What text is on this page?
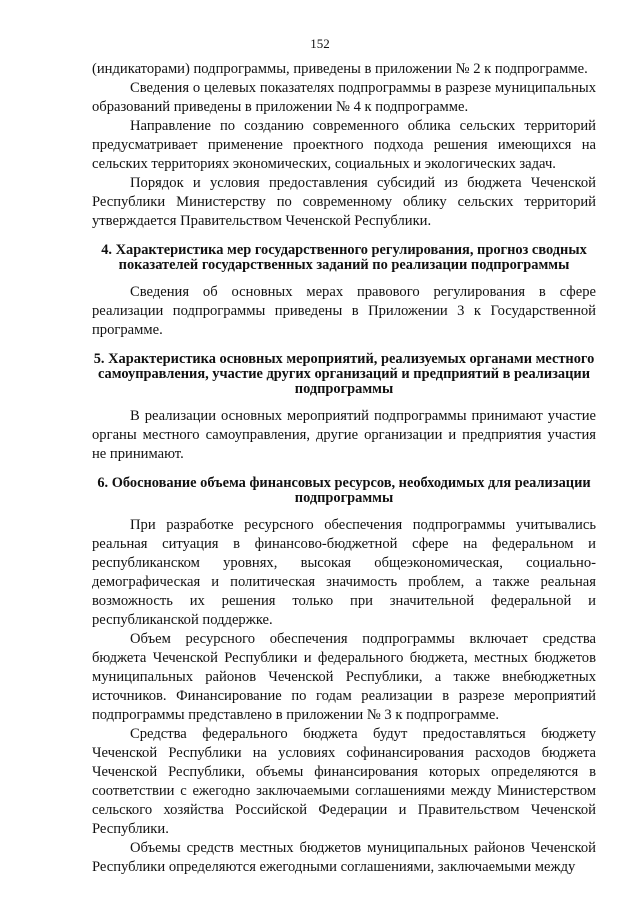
152

(индикаторами) подпрограммы, приведены в приложении № 2 к подпрограмме.

Сведения о целевых показателях подпрограммы в разрезе муниципальных образований приведены в приложении № 4 к подпрограмме.

Направление по созданию современного облика сельских территорий предусматривает применение проектного подхода решения имеющихся на сельских территориях экономических, социальных и экологических задач.

Порядок и условия предоставления субсидий из бюджета Чеченской Республики Министерству по современному облику сельских территорий утверждается Правительством Чеченской Республики.

4. Характеристика мер государственного регулирования, прогноз сводных показателей государственных заданий по реализации подпрограммы

Сведения об основных мерах правового регулирования в сфере реализации подпрограммы приведены в Приложении 3 к Государственной программе.

5. Характеристика основных мероприятий, реализуемых органами местного самоуправления, участие других организаций и предприятий в реализации подпрограммы

В реализации основных мероприятий подпрограммы принимают участие органы местного самоуправления, другие организации и предприятия участия не принимают.

6. Обоснование объема финансовых ресурсов, необходимых для реализации подпрограммы

При разработке ресурсного обеспечения подпрограммы учитывались реальная ситуация в финансово-бюджетной сфере на федеральном и республиканском уровнях, высокая общеэкономическая, социально-демографическая и политическая значимость проблем, а также реальная возможность их решения только при значительной федеральной и республиканской поддержке.

Объем ресурсного обеспечения подпрограммы включает средства бюджета Чеченской Республики и федерального бюджета, местных бюджетов муниципальных районов Чеченской Республики, а также внебюджетных источников. Финансирование по годам реализации в разрезе мероприятий подпрограммы представлено в приложении № 3 к подпрограмме.

Средства федерального бюджета будут предоставляться бюджету Чеченской Республики на условиях софинансирования расходов бюджета Чеченской Республики, объемы финансирования которых определяются в соответствии с ежегодно заключаемыми соглашениями между Министерством сельского хозяйства Российской Федерации и Правительством Чеченской Республики.

Объемы средств местных бюджетов муниципальных районов Чеченской Республики определяются ежегодными соглашениями, заключаемыми между
